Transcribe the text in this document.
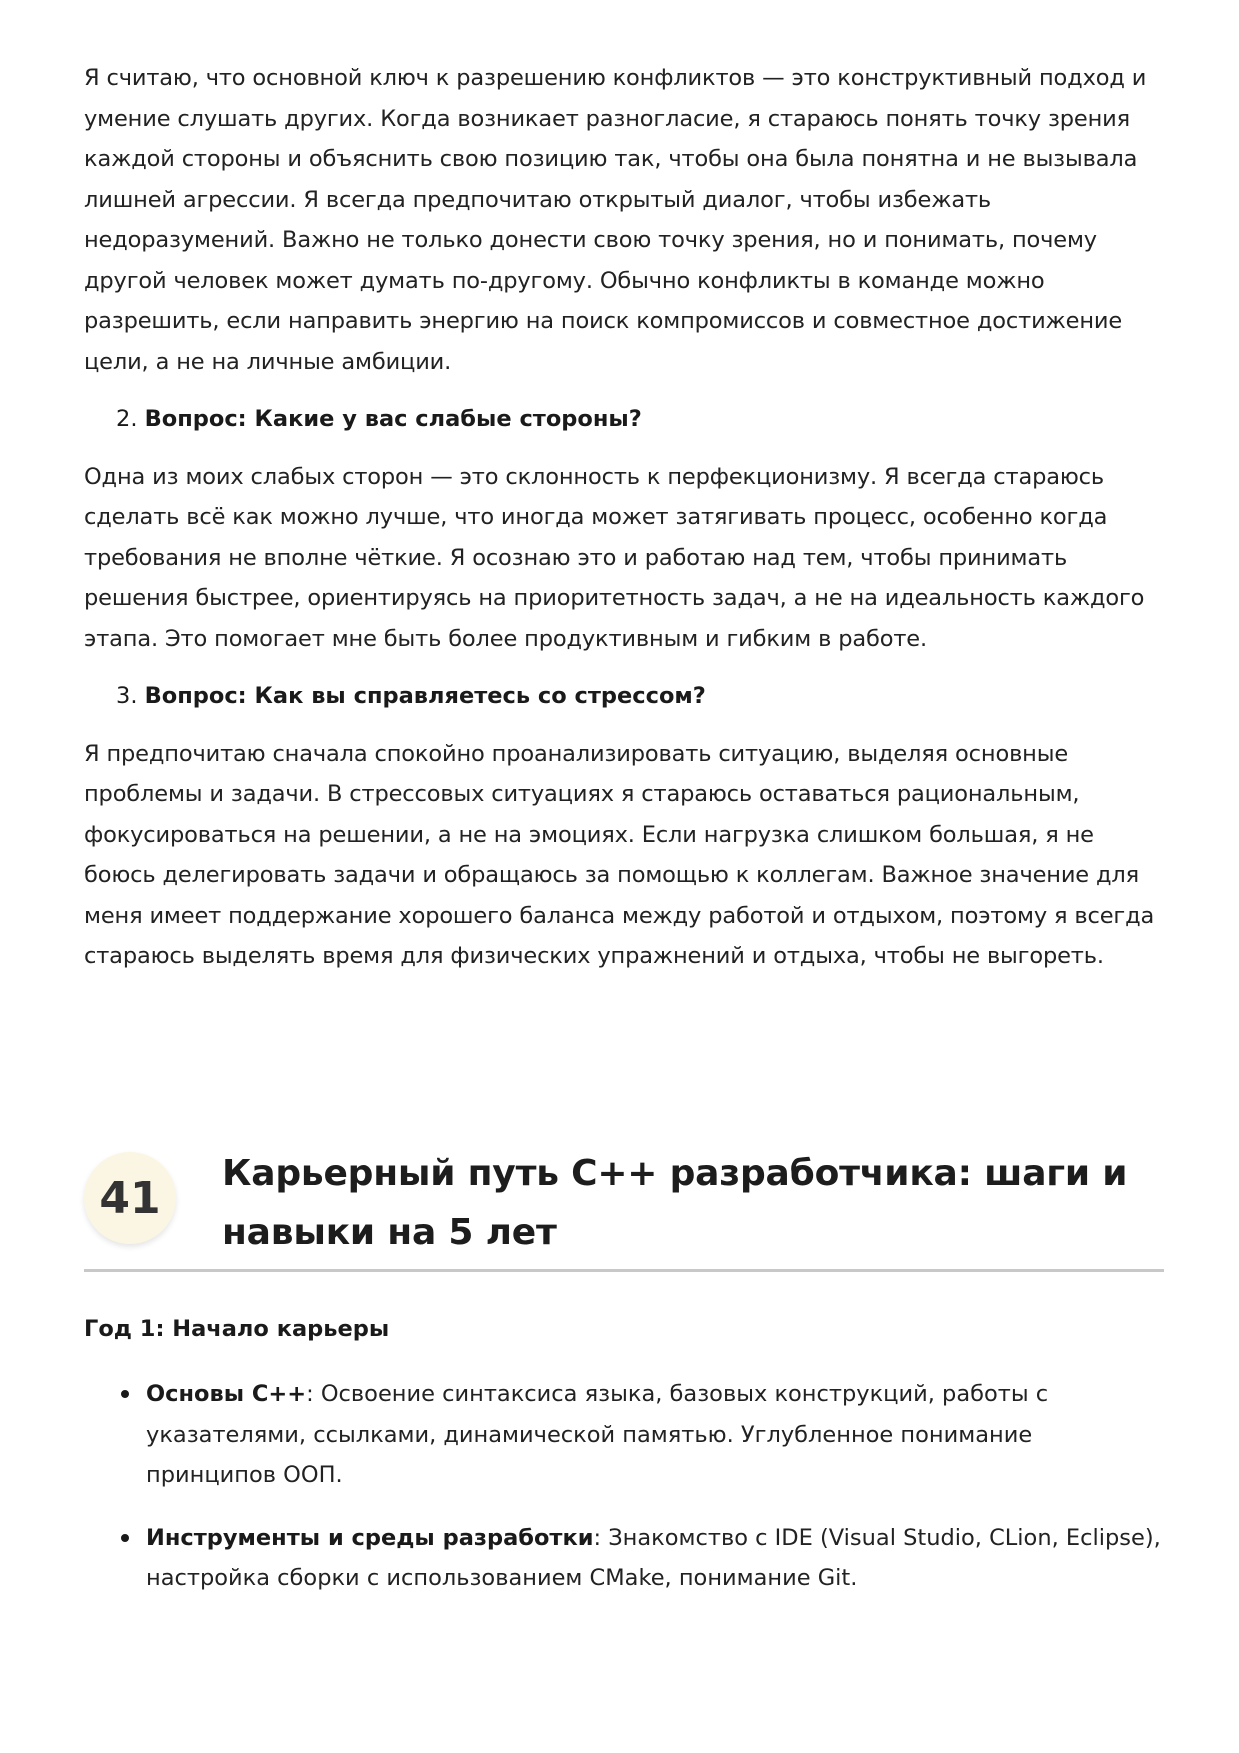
Я считаю, что основной ключ к разрешению конфликтов — это конструктивный подход и умение слушать других. Когда возникает разногласие, я стараюсь понять точку зрения каждой стороны и объяснить свою позицию так, чтобы она была понятна и не вызывала лишней агрессии. Я всегда предпочитаю открытый диалог, чтобы избежать недоразумений. Важно не только донести свою точку зрения, но и понимать, почему другой человек может думать по-другому. Обычно конфликты в команде можно разрешить, если направить энергию на поиск компромиссов и совместное достижение цели, а не на личные амбиции.

2. Вопрос: Какие у вас слабые стороны?

Одна из моих слабых сторон — это склонность к перфекционизму. Я всегда стараюсь сделать всё как можно лучше, что иногда может затягивать процесс, особенно когда требования не вполне чёткие. Я осознаю это и работаю над тем, чтобы принимать решения быстрее, ориентируясь на приоритетность задач, а не на идеальность каждого этапа. Это помогает мне быть более продуктивным и гибким в работе.

3. Вопрос: Как вы справляетесь со стрессом?

Я предпочитаю сначала спокойно проанализировать ситуацию, выделяя основные проблемы и задачи. В стрессовых ситуациях я стараюсь оставаться рациональным, фокусироваться на решении, а не на эмоциях. Если нагрузка слишком большая, я не боюсь делегировать задачи и обращаюсь за помощью к коллегам. Важное значение для меня имеет поддержание хорошего баланса между работой и отдыхом, поэтому я всегда стараюсь выделять время для физических упражнений и отдыха, чтобы не выгореть.

41	Карьерный путь C++ разработчика: шаги и навыки на 5 лет
Год 1: Начало карьеры
Основы C++: Освоение синтаксиса языка, базовых конструкций, работы с указателями, ссылками, динамической памятью. Углубленное понимание принципов ООП.
Инструменты и среды разработки: Знакомство с IDE (Visual Studio, CLion, Eclipse), настройка сборки с использованием CMake, понимание Git.
